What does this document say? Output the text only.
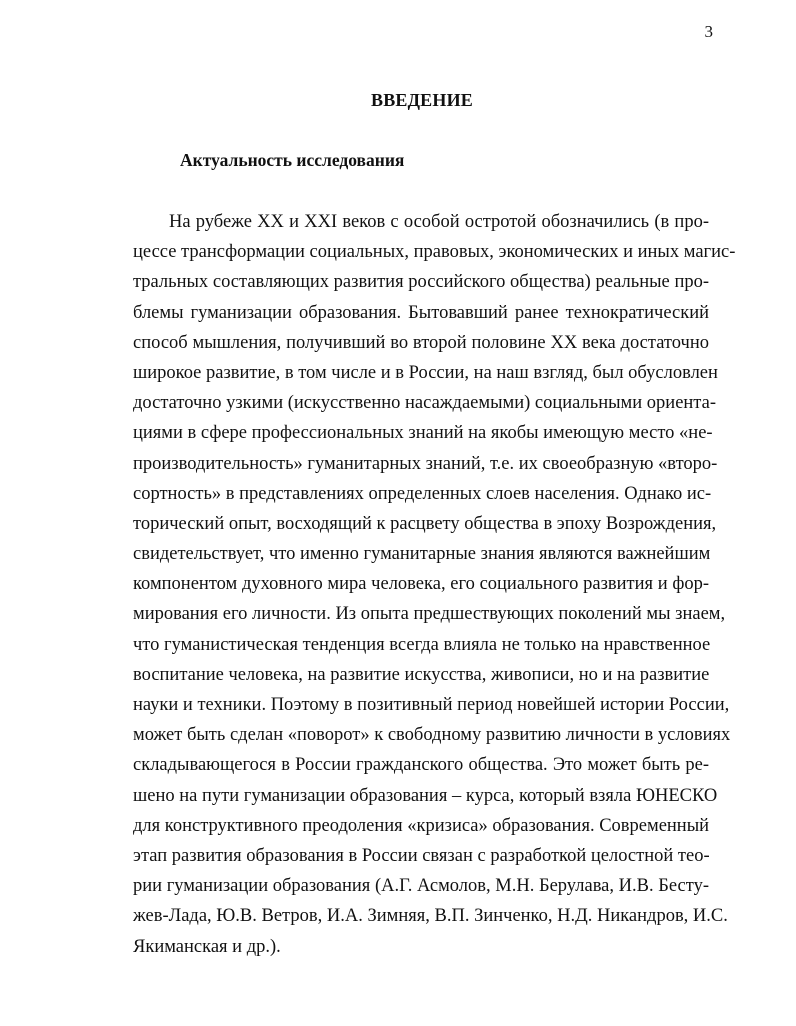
3
ВВЕДЕНИЕ
Актуальность исследования
На рубеже XX и XXI веков с особой остротой обозначились (в про-
цессе трансформации социальных, правовых, экономических и иных магис-
тральных составляющих развития российского общества) реальные про-
блемы гуманизации образования. Бытовавший ранее технократический
способ мышления, получивший во второй половине XX века достаточно
широкое развитие, в том числе и в России, на наш взгляд, был обусловлен
достаточно узкими (искусственно насаждаемыми) социальными ориента-
циями в сфере профессиональных знаний на якобы имеющую место «не-
производительность» гуманитарных знаний, т.е. их своеобразную «второ-
сортность» в представлениях определенных слоев населения. Однако ис-
торический опыт, восходящий к расцвету общества в эпоху Возрождения,
свидетельствует, что именно гуманитарные знания являются важнейшим
компонентом духовного мира человека, его социального развития и фор-
мирования его личности. Из опыта предшествующих поколений мы знаем,
что гуманистическая тенденция всегда влияла не только на нравственное
воспитание человека, на развитие искусства, живописи, но и на развитие
науки и техники. Поэтому в позитивный период новейшей истории России,
может быть сделан «поворот» к свободному развитию личности в условиях
складывающегося в России гражданского общества. Это может быть ре-
шено на пути гуманизации образования – курса, который взяла ЮНЕСКО
для конструктивного преодоления «кризиса» образования. Современный
этап развития образования в России связан с разработкой целостной тео-
рии гуманизации образования (А.Г. Асмолов, М.Н. Берулава, И.В. Бесту-
жев-Лада, Ю.В. Ветров, И.А. Зимняя, В.П. Зинченко, Н.Д. Никандров, И.С.
Якиманская и др.).
